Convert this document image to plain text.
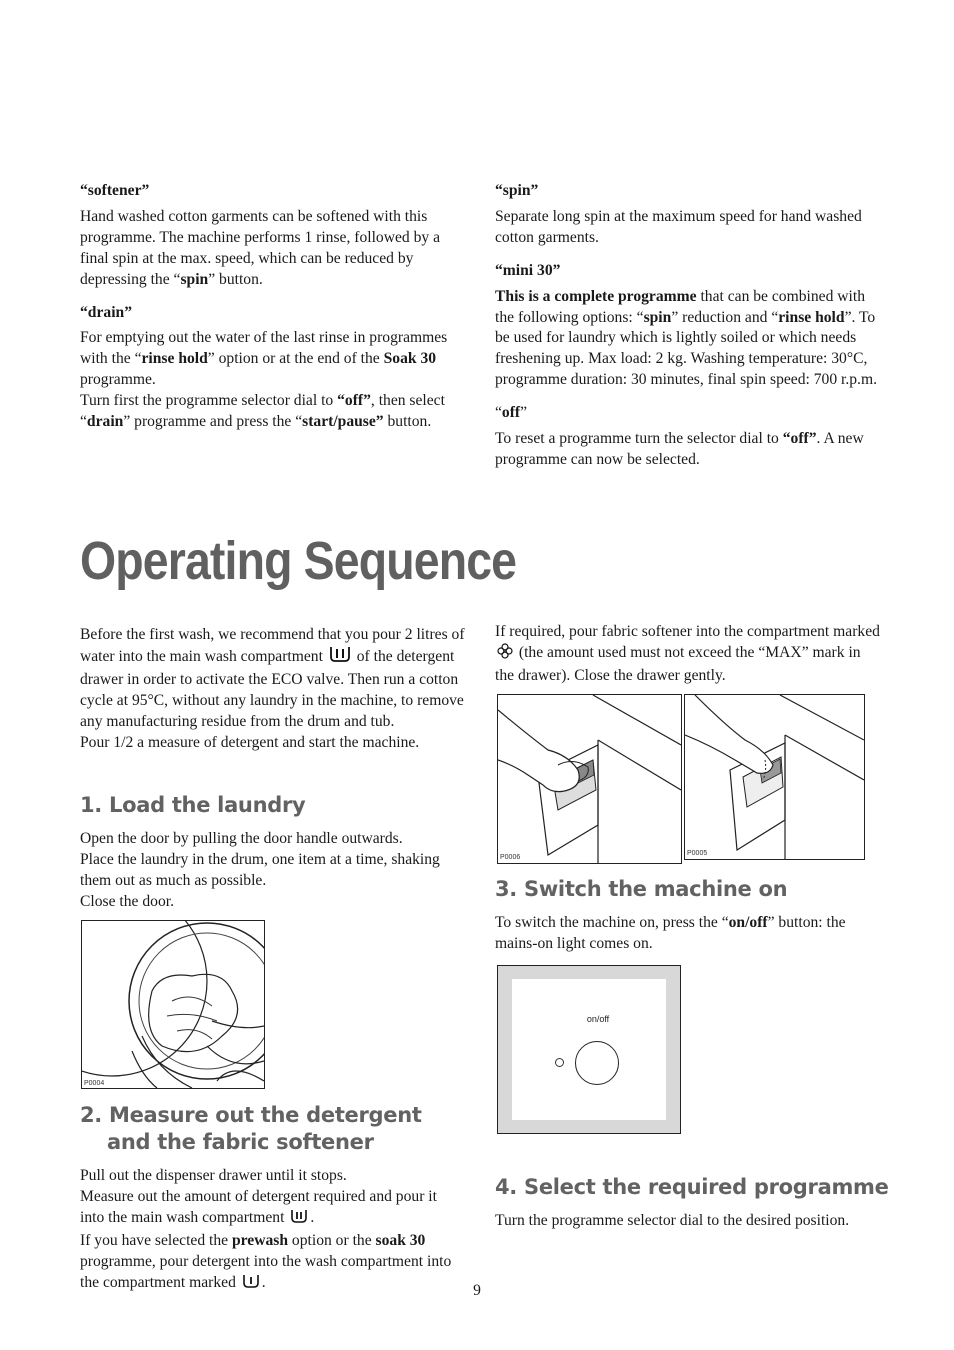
“softener”

Hand washed cotton garments can be softened with this programme. The machine performs 1 rinse, followed by a final spin at the max. speed, which can be reduced by depressing the “spin” button.

“drain”

For emptying out the water of the last rinse in programmes with the “rinse hold” option or at the end of the Soak 30 programme.

Turn first the programme selector dial to “off”, then select “drain” programme and press the “start/pause” button.

“spin”

Separate long spin at the maximum speed for hand washed cotton garments.

“mini 30”

This is a complete programme that can be combined with the following options: “spin” reduction and “rinse hold”. To be used for laundry which is lightly soiled or which needs freshening up. Max load: 2 kg. Washing temperature: 30°C, programme duration: 30 minutes, final spin speed: 700 r.p.m.

“off”

To reset a programme turn the selector dial to “off”. A new programme can now be selected.

Operating Sequence

Before the first wash, we recommend that you pour 2 litres of water into the main wash compartment of the detergent drawer in order to activate the ECO valve. Then run a cotton cycle at 95°C, without any laundry in the machine, to remove any manufacturing residue from the drum and tub.

Pour 1/2 a measure of detergent and start the machine.

1. Load the laundry

Open the door by pulling the door handle outwards.

Place the laundry in the drum, one item at a time, shaking them out as much as possible.

Close the door.

P0004
2. Measure out the detergent
and the fabric softener

Pull out the dispenser drawer until it stops.

Measure out the amount of detergent required and pour it into the main wash compartment .

If you have selected the prewash option or the soak 30 programme, pour detergent into the wash compartment into the compartment marked .

If required, pour fabric softener into the compartment marked  (the amount used must not exceed the “MAX” mark in the drawer). Close the drawer gently.

P0006
P0005
3. Switch the machine on

To switch the machine on, press the “on/off” button: the mains-on light comes on.

on/off
4. Select the required programme

Turn the programme selector dial to the desired position.

9
